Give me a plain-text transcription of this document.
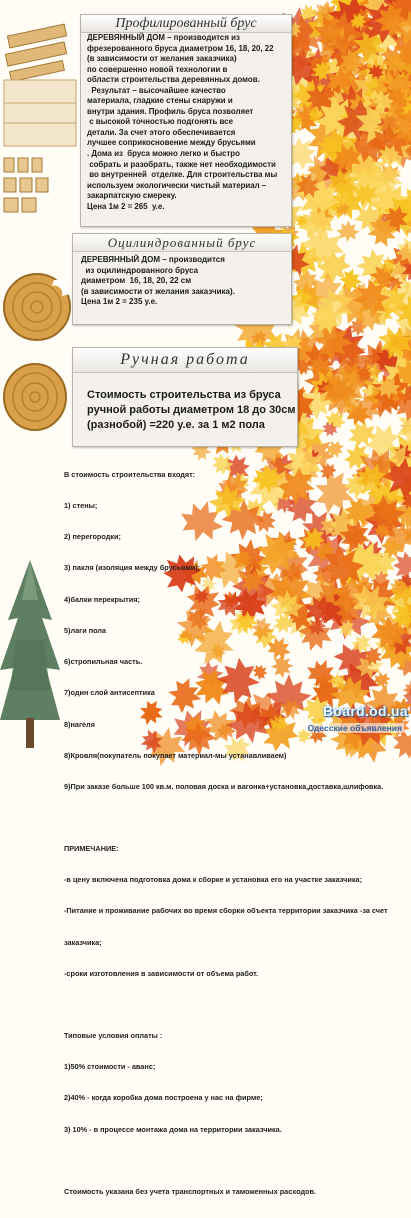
Профилированный брус
ДЕРЕВЯННЫЙ ДОМ – производится из
фрезерованного бруса диаметром 16, 18, 20, 22
(в зависимости от желания заказчика)
по совершенно новой технологии в
области строительства деревянных домов.
Результат – высочайшее качество
материала, гладкие стены снаружи и
внутри здания. Профиль бруса позволяет
с высокой точностью подгонять все
детали. За счет этого обеспечивается
лучшее соприкосновение между брусьями
. Дома из  бруса можно легко и быстро
собрать и разобрать, также нет необходимости
во внутренней  отделке. Для строительства мы
используем экологически чистый материал –
закарпатскую смереку.
Цена 1м 2 = 265  у.е.
Оцилиндрованный брус
ДЕРЕВЯННЫЙ ДОМ – производится
из оцилиндрованного бруса
диаметром  16, 18, 20, 22 см
(в зависимости от желания заказчика).
Цена 1м 2 = 235 у.е.
Ручная работа
Стоимость строительства из бруса
ручной работы диаметром 18 до 30см
(разнобой) =220 у.е. за 1 м2 пола

В стоимость строительства входят:

1) стены;

2) перегородки;

3) пакля (изоляция между брусьями);

4)балки перекрытия;

5)лаги пола

6)стропильная часть.

7)один слой антисептика

8)нагеля

8)Кровля(покупатель покупает материал-мы устанавливаем)

9)При заказе больше 100 кв.м. половая доска и вагонка+установка,доставка,шлифовка.

ПРИМЕЧАНИЕ:

-в цену включена подготовка дома к сборке и установка его на участке заказчика;

-Питание и проживание рабочих во время сборки объекта территории заказчика -за счет

заказчика;

-сроки изготовления в зависимости от объема работ.

Типовые условия оплаты :

1)50% стоимости - аванс;

2)40% - когда коробка дома построена у нас на фирме;

3) 10% - в процессе монтажа дома на территории заказчика.

Стоимость указана без учета транспортных и таможенных расходов.

Board.od.ua
Одесские объявления
